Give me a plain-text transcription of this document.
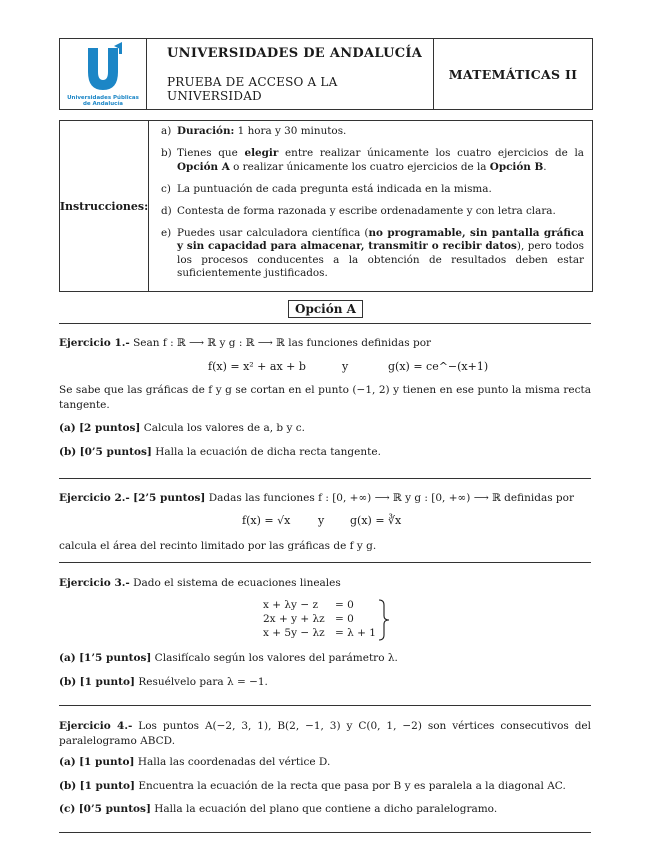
Universidades Públicas
de Andalucía
UNIVERSIDADES DE ANDALUCÍA
PRUEBA DE ACCESO A LA UNIVERSIDAD
MATEMÁTICAS II
Instrucciones:
a) Duración: 1 hora y 30 minutos.
b) Tienes que elegir entre realizar únicamente los cuatro ejercicios de la Opción A o realizar únicamente los cuatro ejercicios de la Opción B.
c) La puntuación de cada pregunta está indicada en la misma.
d) Contesta de forma razonada y escribe ordenadamente y con letra clara.
e) Puedes usar calculadora científica (no programable, sin pantalla gráfica y sin capacidad para almacenar, transmitir o recibir datos), pero todos los procesos conducentes a la obtención de resultados deben estar suficientemente justificados.
Opción A
Ejercicio 1.- Sean f : ℝ ⟶ ℝ y g : ℝ ⟶ ℝ las funciones definidas por
f(x) = x² + ax + b	y	g(x) = ce^−(x+1)
Se sabe que las gráficas de f y g se cortan en el punto (−1, 2) y tienen en ese punto la misma recta tangente.
(a) [2 puntos] Calcula los valores de a, b y c.
(b) [0’5 puntos] Halla la ecuación de dicha recta tangente.
Ejercicio 2.- [2’5 puntos] Dadas las funciones f : [0, +∞) ⟶ ℝ y g : [0, +∞) ⟶ ℝ definidas por
f(x) = √x	y g(x) = ∛x
calcula el área del recinto limitado por las gráficas de f y g.
Ejercicio 3.- Dado el sistema de ecuaciones lineales
x + λy − z	= 0
2x + y + λz = 0
x + 5y − λz = λ + 1
(a) [1’5 puntos] Clasifícalo según los valores del parámetro λ.
(b) [1 punto] Resuélvelo para λ = −1.
Ejercicio 4.- Los puntos A(−2, 3, 1), B(2, −1, 3) y C(0, 1, −2) son vértices consecutivos del paralelogramo ABCD.
(a) [1 punto] Halla las coordenadas del vértice D.
(b) [1 punto] Encuentra la ecuación de la recta que pasa por B y es paralela a la diagonal AC.
(c) [0’5 puntos] Halla la ecuación del plano que contiene a dicho paralelogramo.
